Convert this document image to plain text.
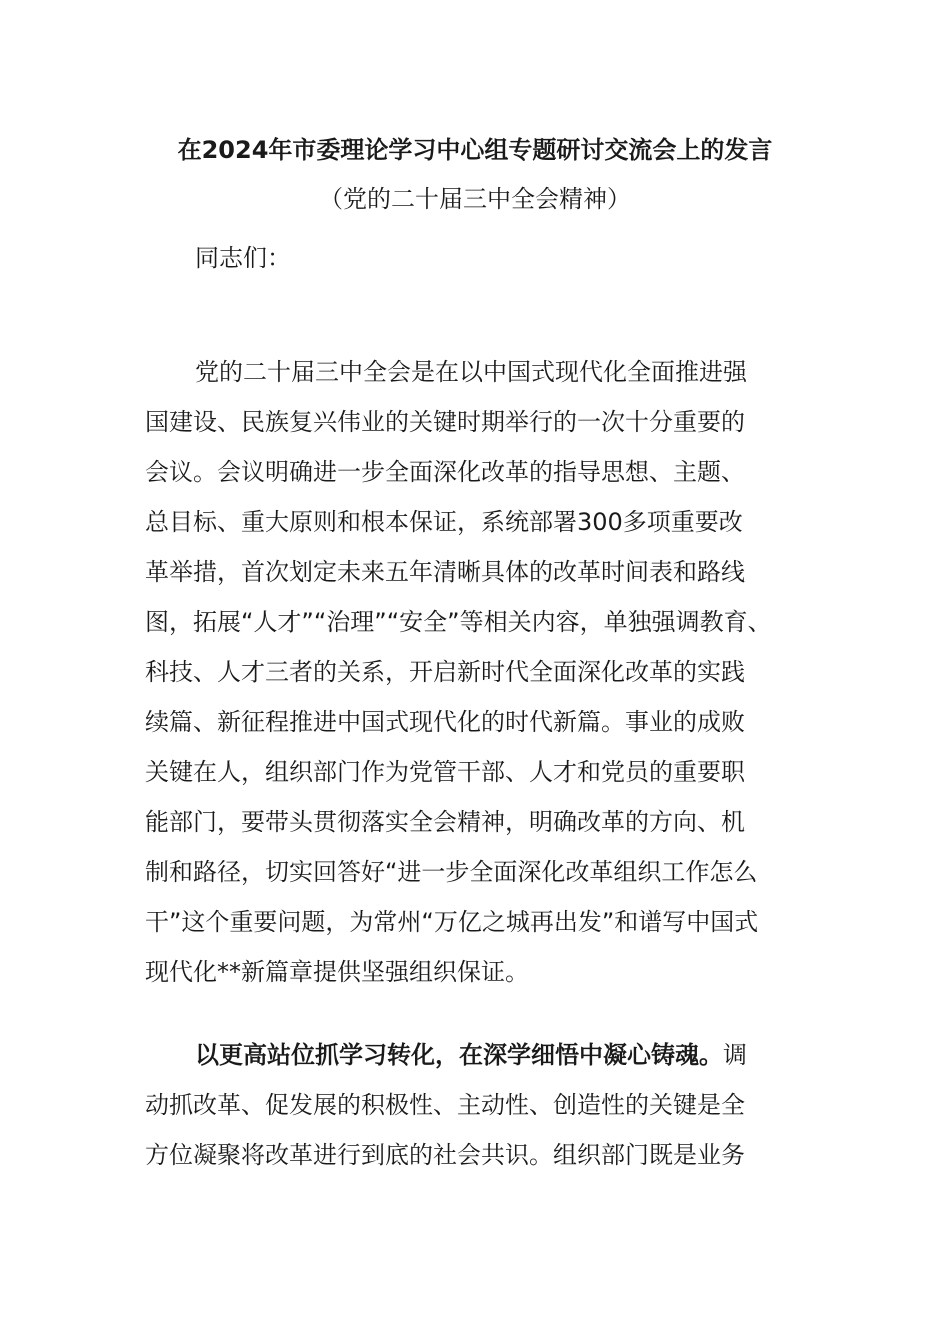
在2024年市委理论学习中心组专题研讨交流会上的发言
（党的二十届三中全会精神）
同志们：
党的二十届三中全会是在以中国式现代化全面推进强
国建设、民族复兴伟业的关键时期举行的一次十分重要的
会议。会议明确进一步全面深化改革的指导思想、主题、
总目标、重大原则和根本保证，系统部署300多项重要改
革举措，首次划定未来五年清晰具体的改革时间表和路线
图，拓展“人才”“治理”“安全”等相关内容，单独强调教育、
科技、人才三者的关系，开启新时代全面深化改革的实践
续篇、新征程推进中国式现代化的时代新篇。事业的成败
关键在人，组织部门作为党管干部、人才和党员的重要职
能部门，要带头贯彻落实全会精神，明确改革的方向、机
制和路径，切实回答好“进一步全面深化改革组织工作怎么
干”这个重要问题，为常州“万亿之城再出发”和谱写中国式
现代化**新篇章提供坚强组织保证。
以更高站位抓学习转化，在深学细悟中凝心铸魂。调
动抓改革、促发展的积极性、主动性、创造性的关键是全
方位凝聚将改革进行到底的社会共识。组织部门既是业务
